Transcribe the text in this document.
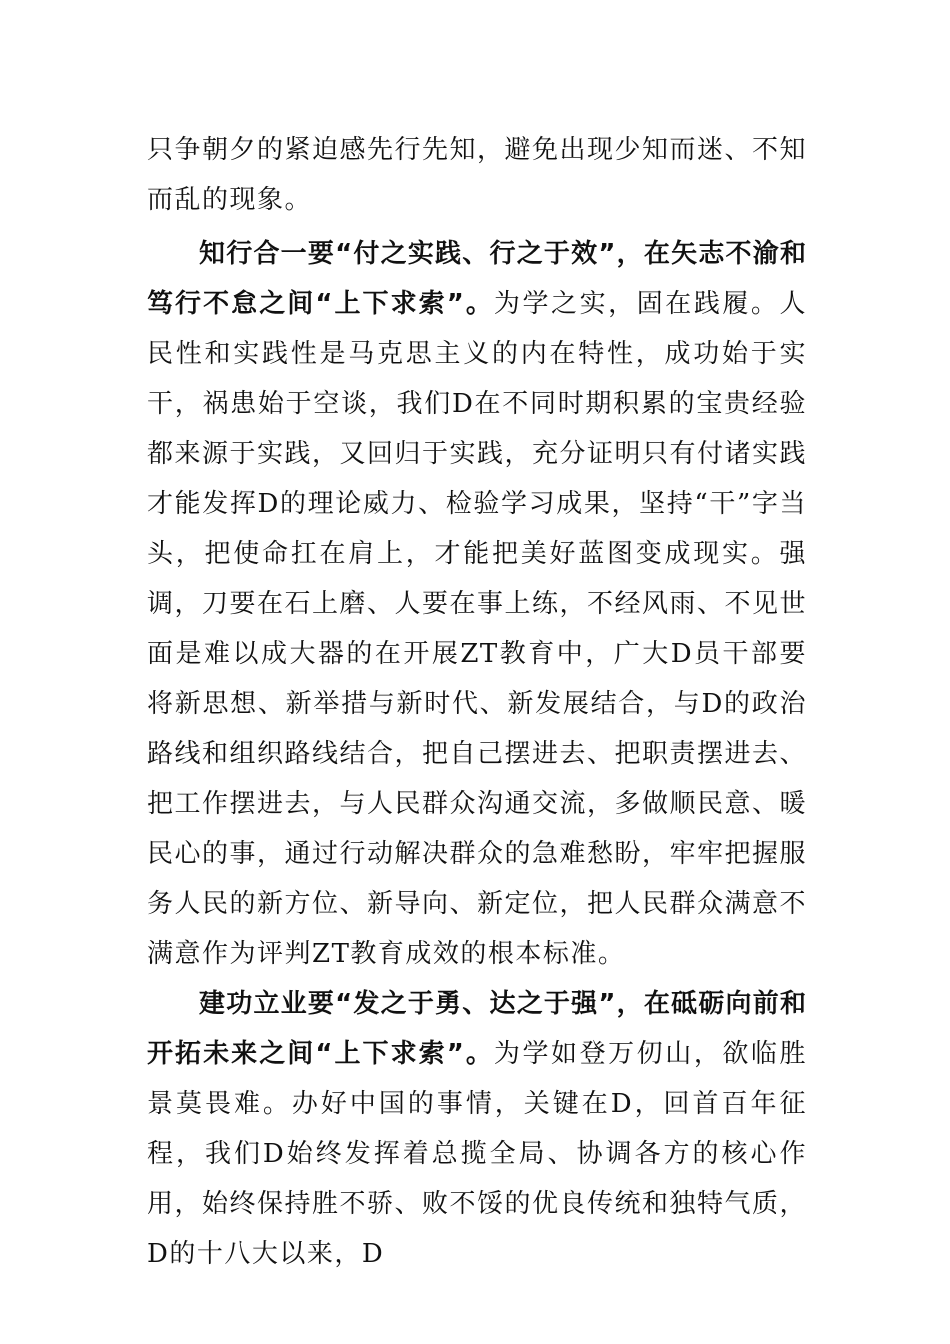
只争朝夕的紧迫感先行先知，避免出现少知而迷、不知而乱的现象。

知行合一要“付之实践、行之于效”，在矢志不渝和笃行不怠之间“上下求索”。为学之实，固在践履。人民性和实践性是马克思主义的内在特性，成功始于实干，祸患始于空谈，我们D在不同时期积累的宝贵经验都来源于实践，又回归于实践，充分证明只有付诸实践才能发挥D的理论威力、检验学习成果，坚持“干”字当头，把使命扛在肩上，才能把美好蓝图变成现实。强调，刀要在石上磨、人要在事上练，不经风雨、不见世面是难以成大器的在开展ZT教育中，广大D员干部要将新思想、新举措与新时代、新发展结合，与D的政治路线和组织路线结合，把自己摆进去、把职责摆进去、把工作摆进去，与人民群众沟通交流，多做顺民意、暖民心的事，通过行动解决群众的急难愁盼，牢牢把握服务人民的新方位、新导向、新定位，把人民群众满意不满意作为评判ZT教育成效的根本标准。

建功立业要“发之于勇、达之于强”，在砥砺向前和开拓未来之间“上下求索”。为学如登万仞山，欲临胜景莫畏难。办好中国的事情，关键在D，回首百年征程，我们D始终发挥着总揽全局、协调各方的核心作用，始终保持胜不骄、败不馁的优良传统和独特气质，D的十八大以来，D
